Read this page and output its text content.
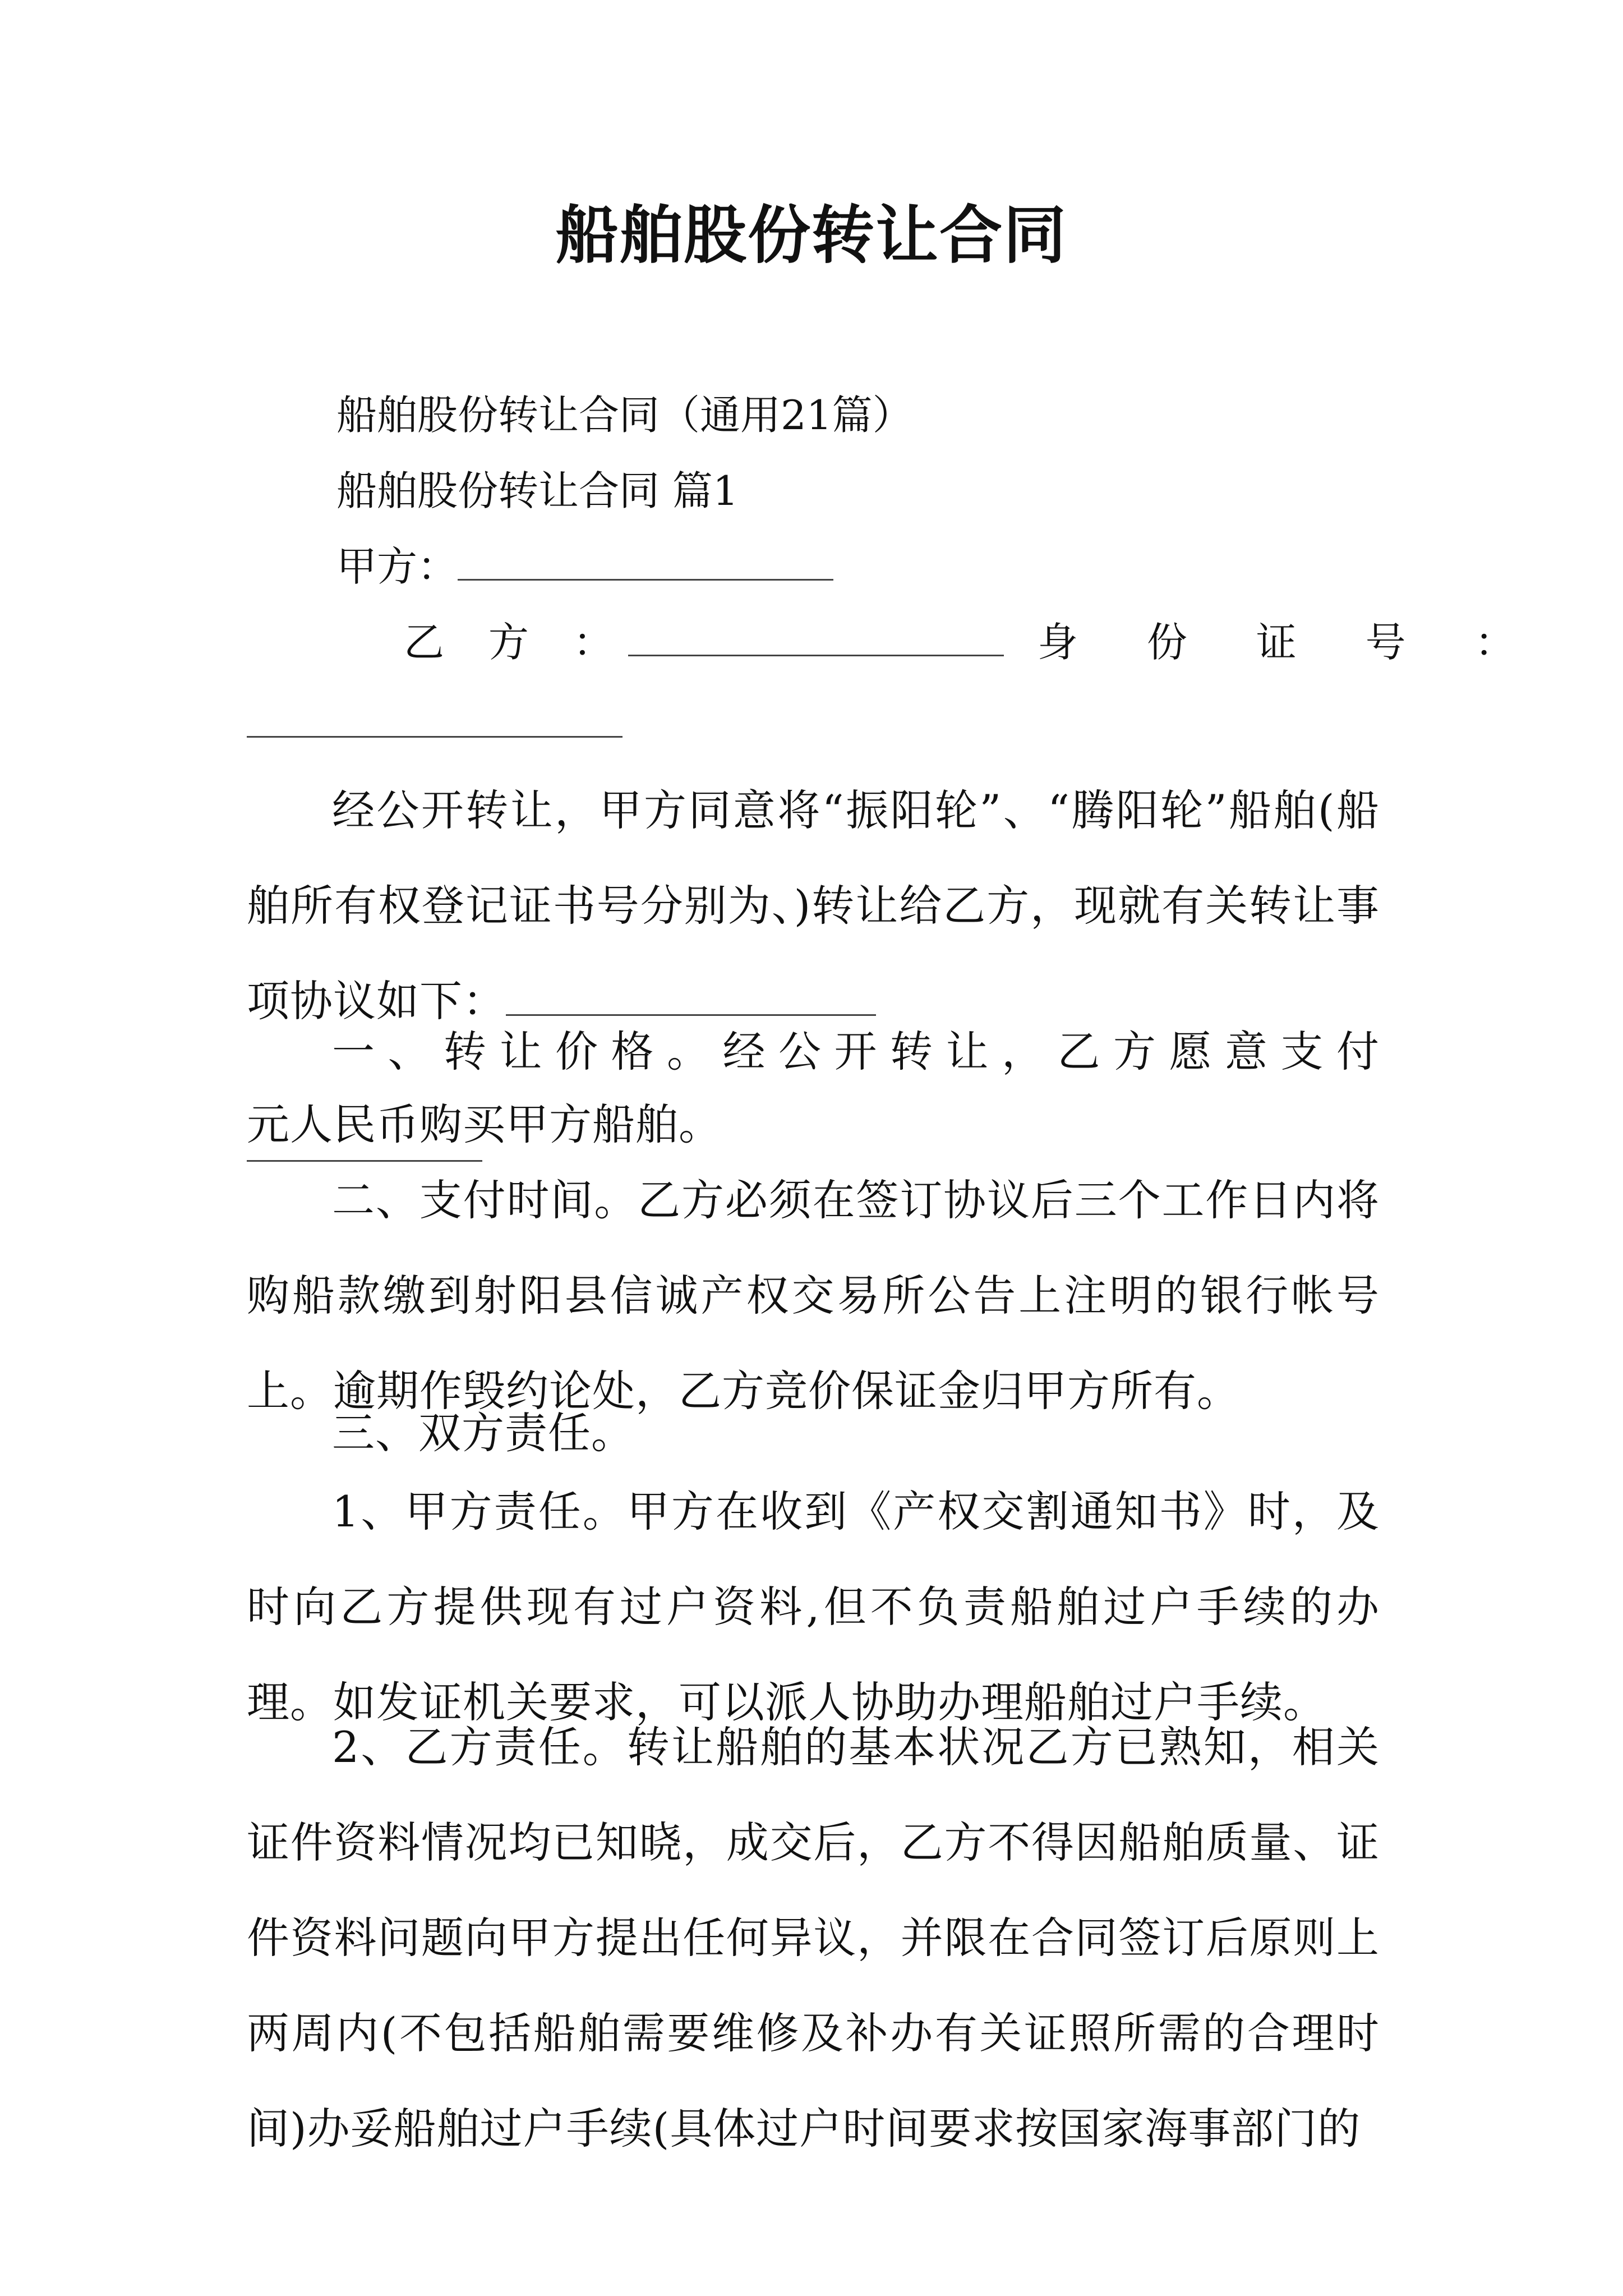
船舶股份转让合同
船舶股份转让合同（通用21篇）
船舶股份转让合同 篇1
甲方：
乙 方 ：	身 份 证 号 ：
经公开转让，甲方同意将“振阳轮”、“腾阳轮”船舶(船舶所有权登记证书号分别为、)转让给乙方，现就有关转让事项协议如下：
一、转让价格。经公开转让，乙方愿意支付
元人民币购买甲方船舶。
二、支付时间。乙方必须在签订协议后三个工作日内将购船款缴到射阳县信诚产权交易所公告上注明的银行帐号上。逾期作毁约论处，乙方竞价保证金归甲方所有。
三、双方责任。
1、甲方责任。甲方在收到《产权交割通知书》时，及时向乙方提供现有过户资料,但不负责船舶过户手续的办理。如发证机关要求，可以派人协助办理船舶过户手续。
2、乙方责任。转让船舶的基本状况乙方已熟知，相关证件资料情况均已知晓，成交后，乙方不得因船舶质量、证件资料问题向甲方提出任何异议，并限在合同签订后原则上两周内(不包括船舶需要维修及补办有关证照所需的合理时间)办妥船舶过户手续(具体过户时间要求按国家海事部门的
